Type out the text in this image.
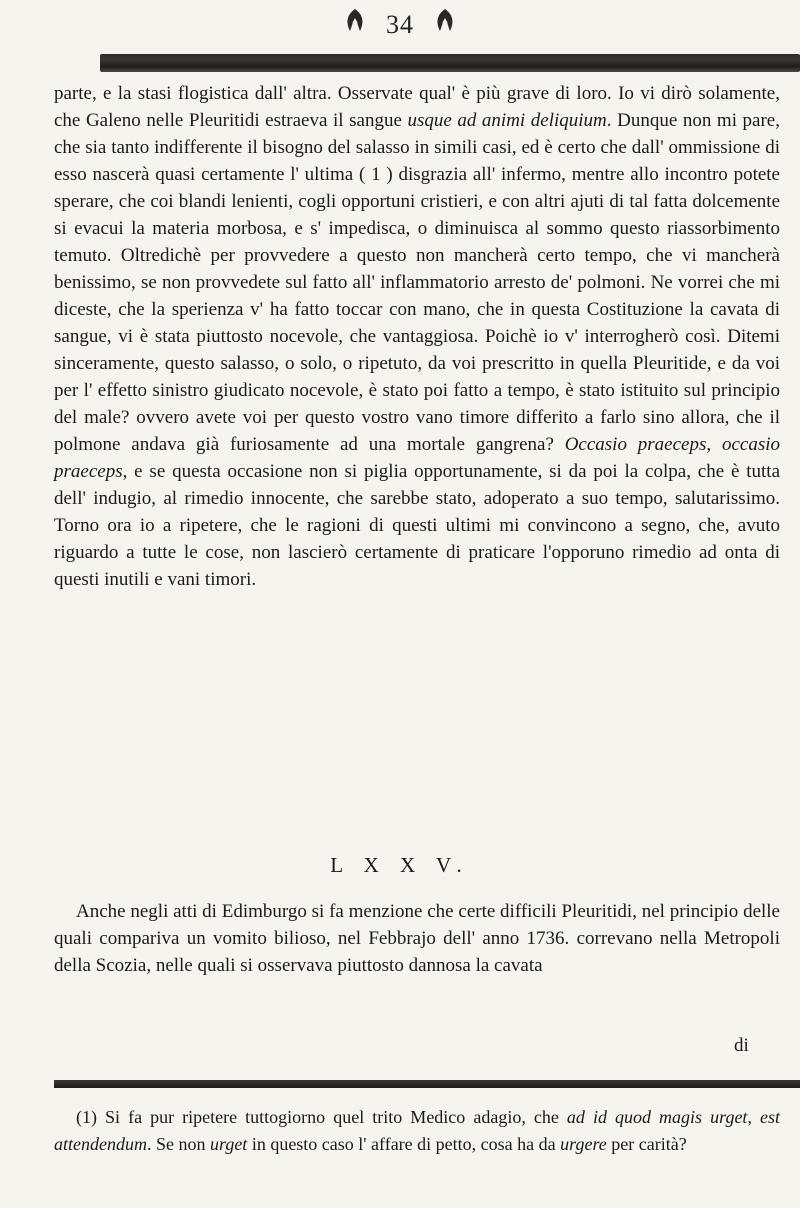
34

parte, e la stasi flogistica dall' altra. Osservate qual' è più grave di loro. Io vi dirò solamente, che Galeno nelle Pleuritidi estraeva il sangue usque ad animi deliquium. Dunque non mi pare, che sia tanto indifferente il bisogno del salasso in simili casi, ed è certo che dall' ommissione di esso nascerà quasi certamente l' ultima ( 1 ) disgrazia all' infermo, mentre allo incontro potete sperare, che coi blandi lenienti, cogli opportuni cristieri, e con altri ajuti di tal fatta dolcemente si evacui la materia morbosa, e s' impedisca, o diminuisca al sommo questo riassorbimento temuto. Oltredichè per provvedere a questo non mancherà certo tempo, che vi mancherà benissimo, se non provvedete sul fatto all' inflammatorio arresto de' polmoni. Ne vorrei che mi diceste, che la sperienza v' ha fatto toccar con mano, che in questa Costituzione la cavata di sangue, vi è stata piuttosto nocevole, che vantaggiosa. Poichè io v' interrogherò così. Ditemi sinceramente, questo salasso, o solo, o ripetuto, da voi prescritto in quella Pleuritide, e da voi per l' effetto sinistro giudicato nocevole, è stato poi fatto a tempo, è stato istituito sul principio del male? ovvero avete voi per questo vostro vano timore differito a farlo sino allora, che il polmone andava già furiosamente ad una mortale gangrena? Occasio praeceps, occasio praeceps, e se questa occasione non si piglia opportunamente, si da poi la colpa, che è tutta dell' indugio, al rimedio innocente, che sarebbe stato, adoperato a suo tempo, salutarissimo. Torno ora io a ripetere, che le ragioni di questi ultimi mi convincono a segno, che, avuto riguardo a tutte le cose, non lascierò certamente di praticare l'opporuno rimedio ad onta di questi inutili e vani timori.

L X X V.
Anche negli atti di Edimburgo si fa menzione che certe difficili Pleuritidi, nel principio delle quali compariva un vomito bilioso, nel Febbrajo dell' anno 1736. correvano nella Metropoli della Scozia, nelle quali si osservava piuttosto dannosa la cavata
di
(1) Si fa pur ripetere tuttogiorno quel trito Medico adagio, che ad id quod magis urget, est attendendum. Se non urget in questo caso l' affare di petto, cosa ha da urgere per carità?
